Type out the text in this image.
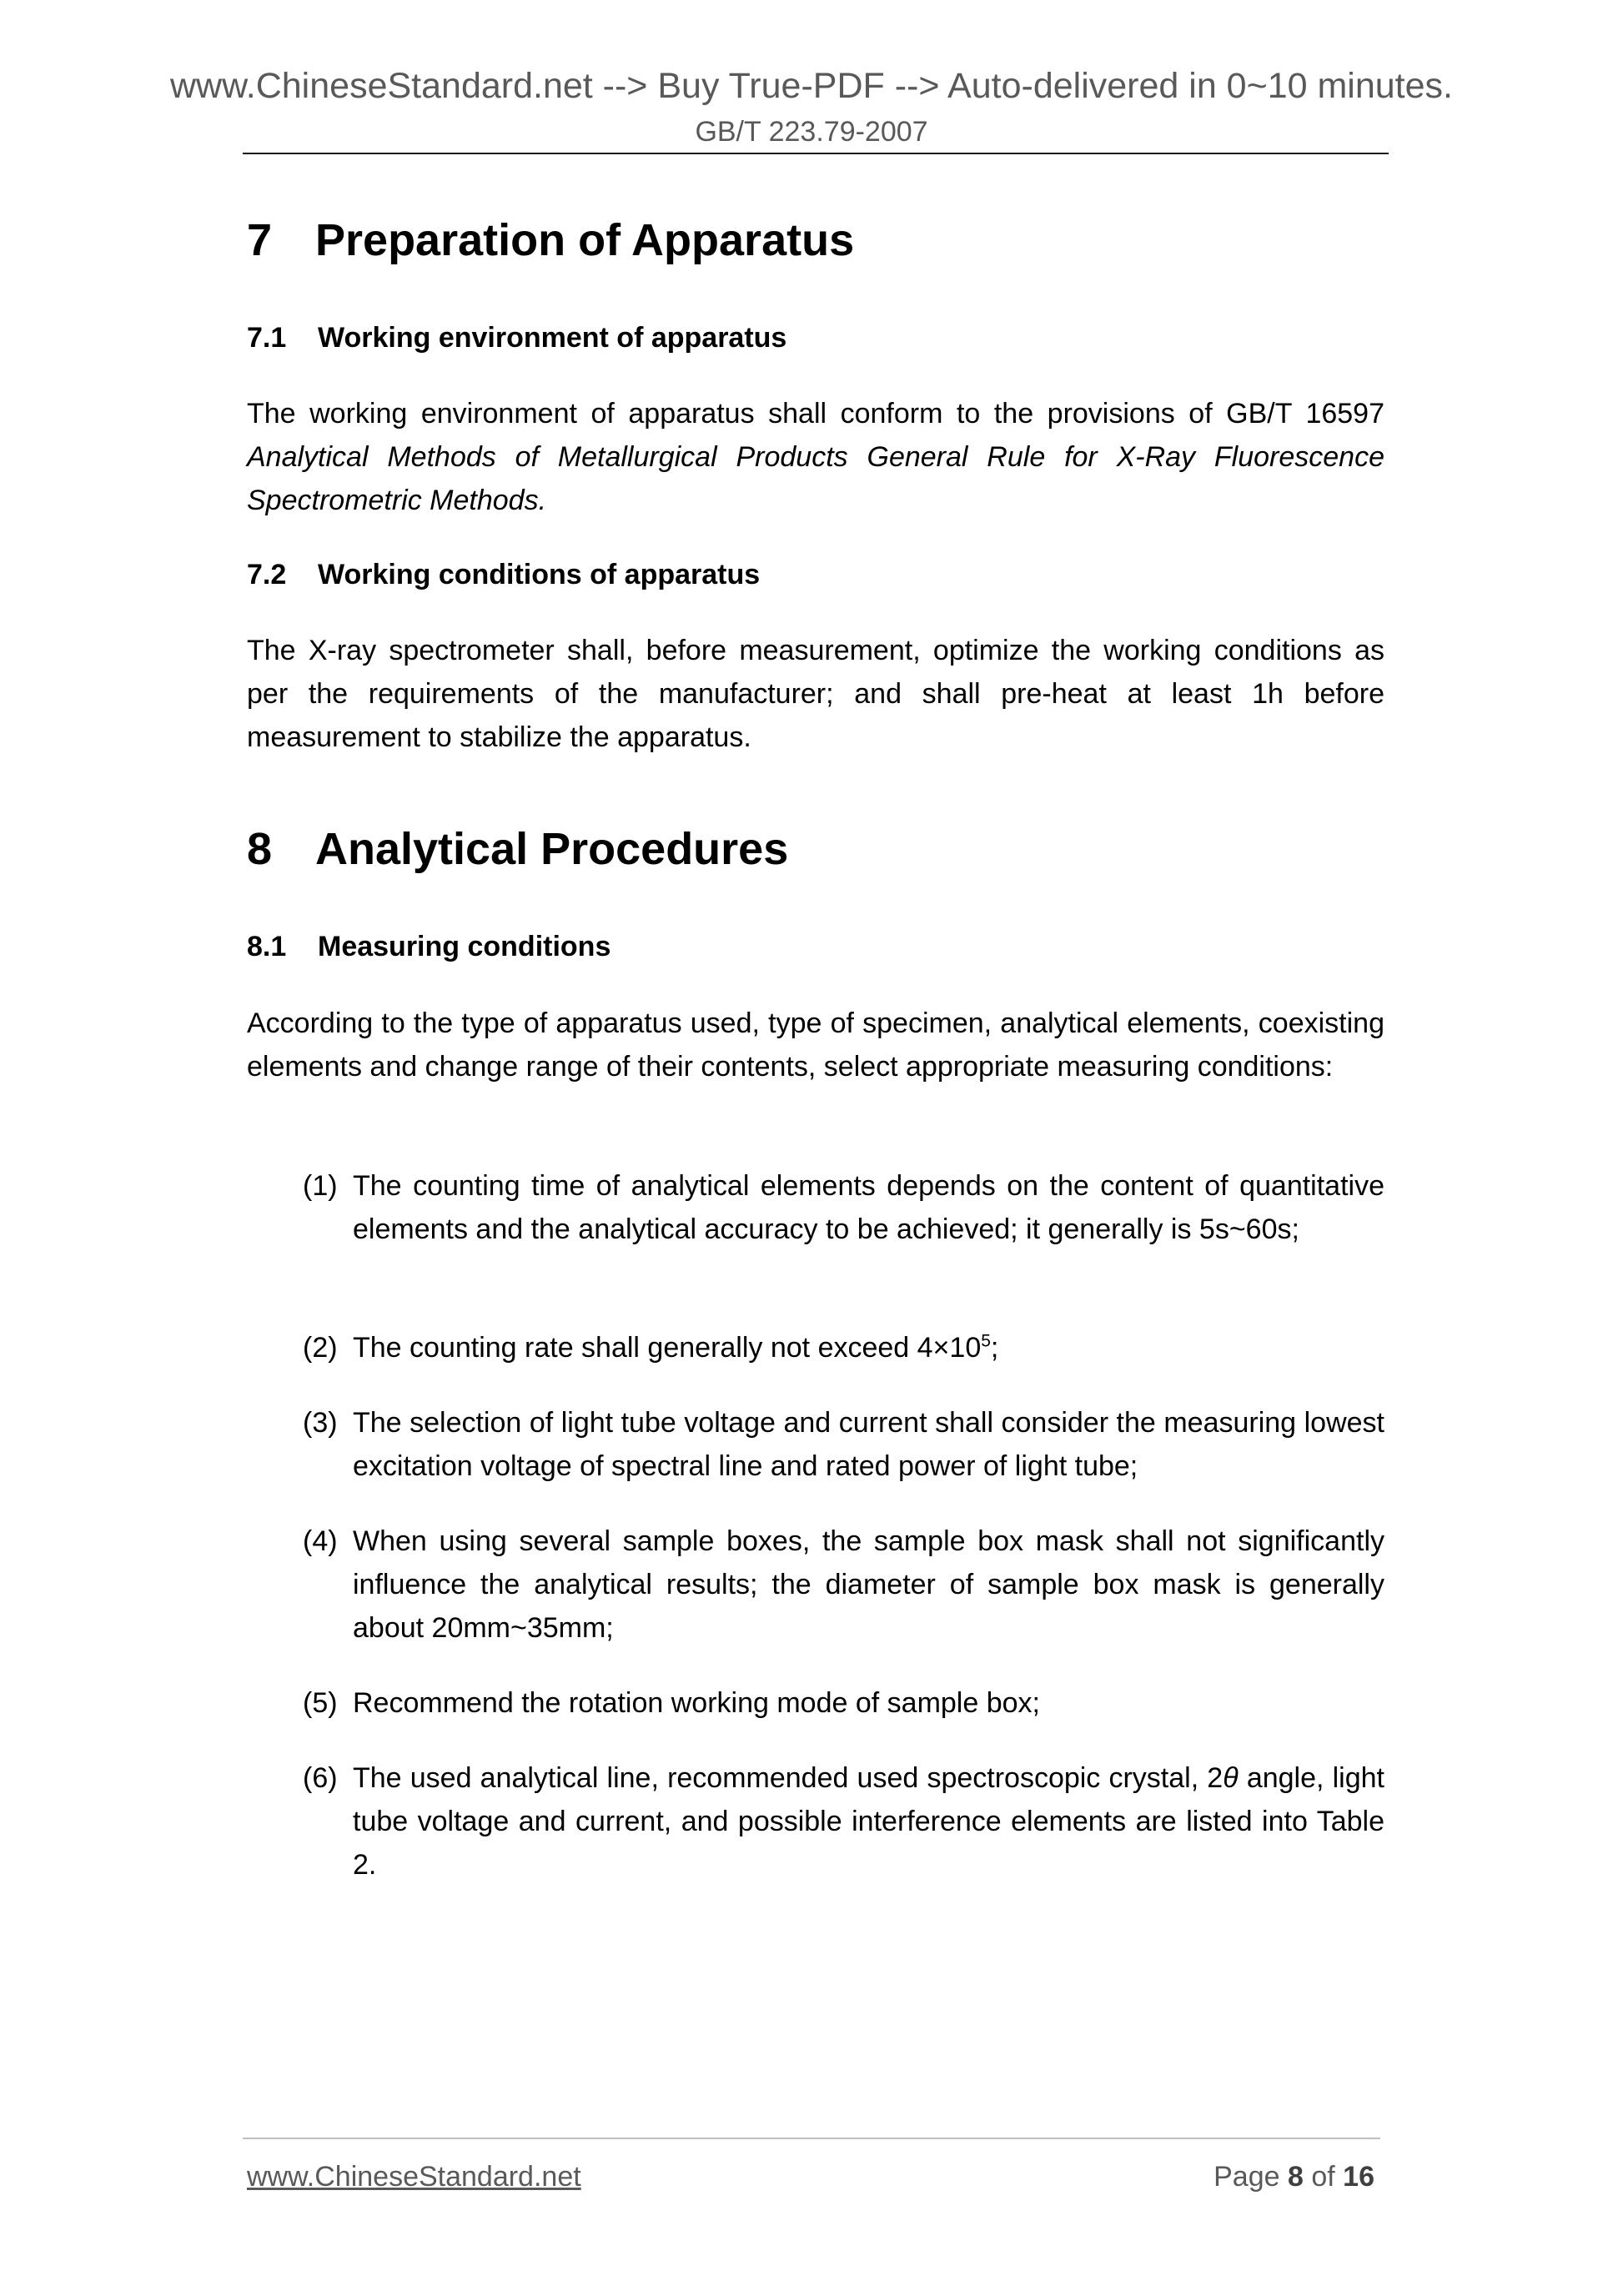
www.ChineseStandard.net --> Buy True-PDF --> Auto-delivered in 0~10 minutes.
GB/T 223.79-2007
7 Preparation of Apparatus
7.1 Working environment of apparatus
The working environment of apparatus shall conform to the provisions of GB/T 16597 Analytical Methods of Metallurgical Products General Rule for X-Ray Fluorescence Spectrometric Methods.
7.2 Working conditions of apparatus
The X-ray spectrometer shall, before measurement, optimize the working conditions as per the requirements of the manufacturer; and shall pre-heat at least 1h before measurement to stabilize the apparatus.
8 Analytical Procedures
8.1 Measuring conditions
According to the type of apparatus used, type of specimen, analytical elements, coexisting elements and change range of their contents, select appropriate measuring conditions:
(1) The counting time of analytical elements depends on the content of quantitative elements and the analytical accuracy to be achieved; it generally is 5s~60s;
(2) The counting rate shall generally not exceed $4\times 10^5$;
(3) The selection of light tube voltage and current shall consider the measuring lowest excitation voltage of spectral line and rated power of light tube;
(4) When using several sample boxes, the sample box mask shall not significantly influence the analytical results; the diameter of sample box mask is generally about 20mm~35mm;
(5) Recommend the rotation working mode of sample box;
(6) The used analytical line, recommended used spectroscopic crystal, 2θ angle, light tube voltage and current, and possible interference elements are listed into Table 2.
www.ChineseStandard.net	Page 8 of 16
